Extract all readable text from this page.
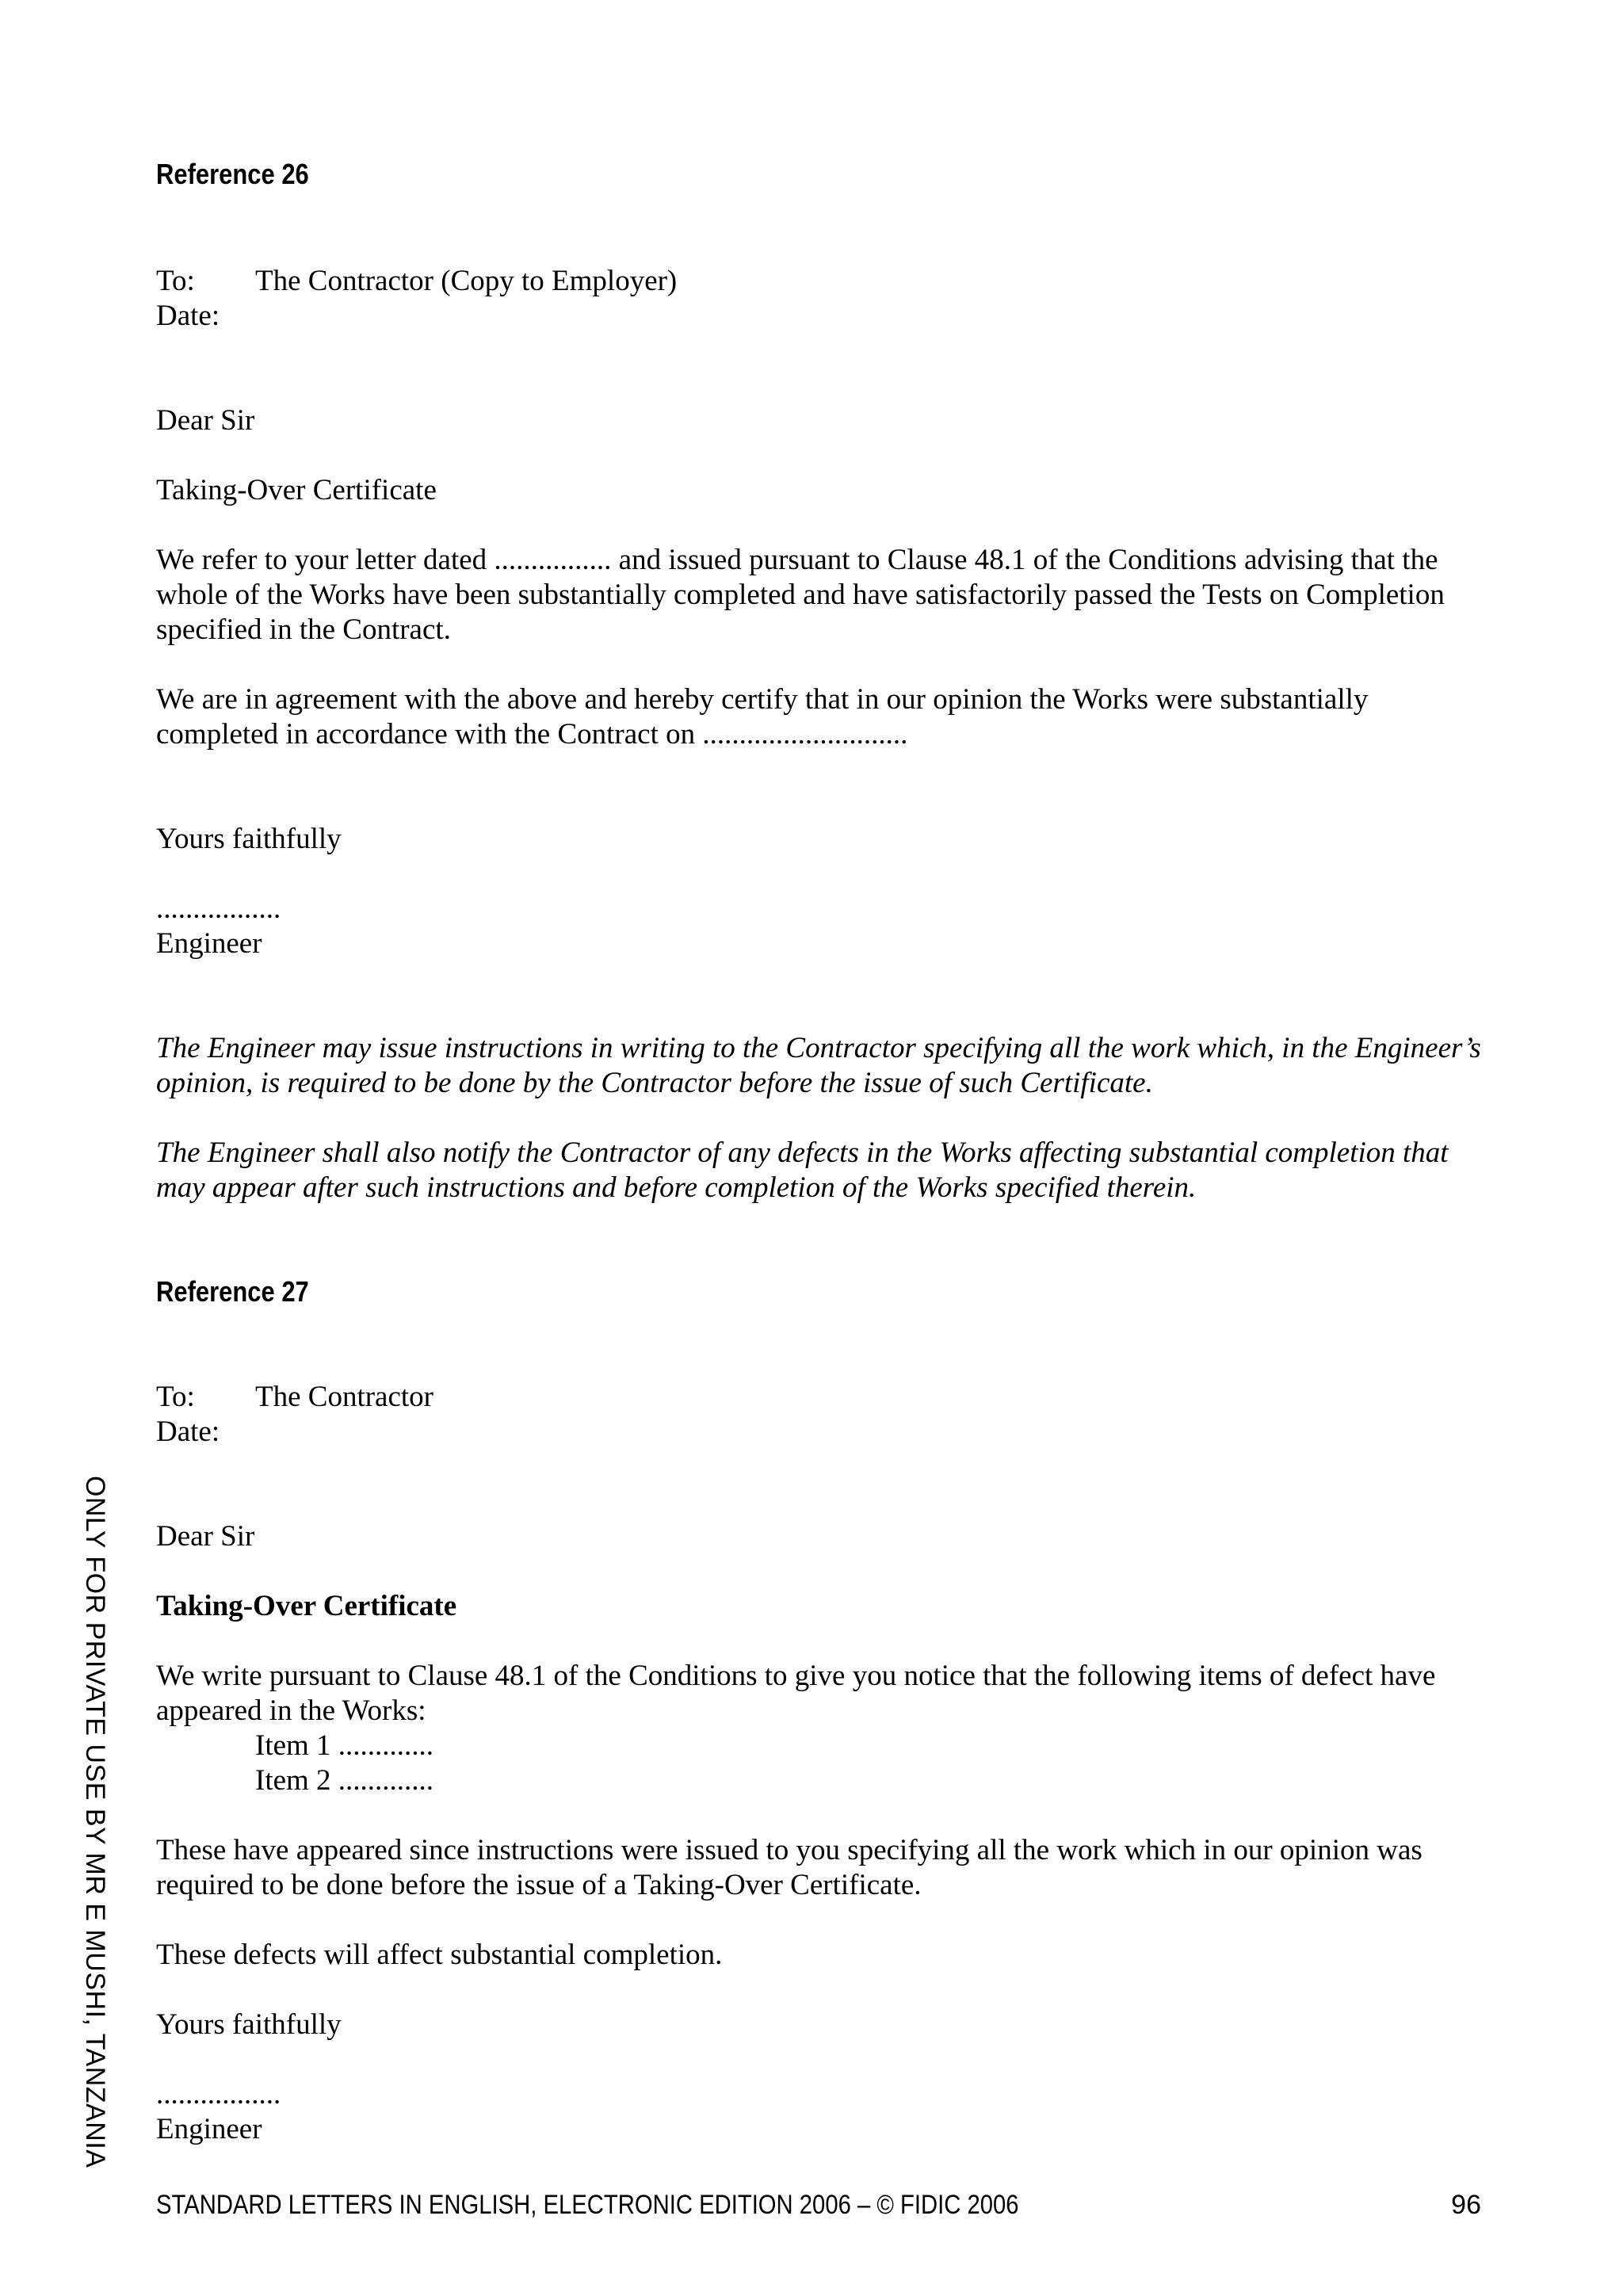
Reference 26
To:	The Contractor (Copy to Employer)
Date:
Dear Sir
Taking-Over Certificate

We refer to your letter dated ................ and issued pursuant to Clause 48.1 of the Conditions advising that the whole of the Works have been substantially completed and have satisfactorily passed the Tests on Completion specified in the Contract.

We are in agreement with the above and hereby certify that in our opinion the Works were substantially completed in accordance with the Contract on ............................

Yours faithfully
.................
Engineer

The Engineer may issue instructions in writing to the Contractor specifying all the work which, in the Engineer’s opinion, is required to be done by the Contractor before the issue of such Certificate.

The Engineer shall also notify the Contractor of any defects in the Works affecting substantial completion that may appear after such instructions and before completion of the Works specified therein.

Reference 27
To:	The Contractor
Date:
Dear Sir
Taking-Over Certificate

We write pursuant to Clause 48.1 of the Conditions to give you notice that the following items of defect have appeared in the Works:

Item 1 .............
Item 2 .............

These have appeared since instructions were issued to you specifying all the work which in our opinion was required to be done before the issue of a Taking-Over Certificate.

These defects will affect substantial completion.

Yours faithfully
.................
Engineer
STANDARD LETTERS IN ENGLISH, ELECTRONIC EDITION 2006 – © FIDIC 2006	96
ONLY FOR PRIVATE USE BY MR E MUSHI, TANZANIA
